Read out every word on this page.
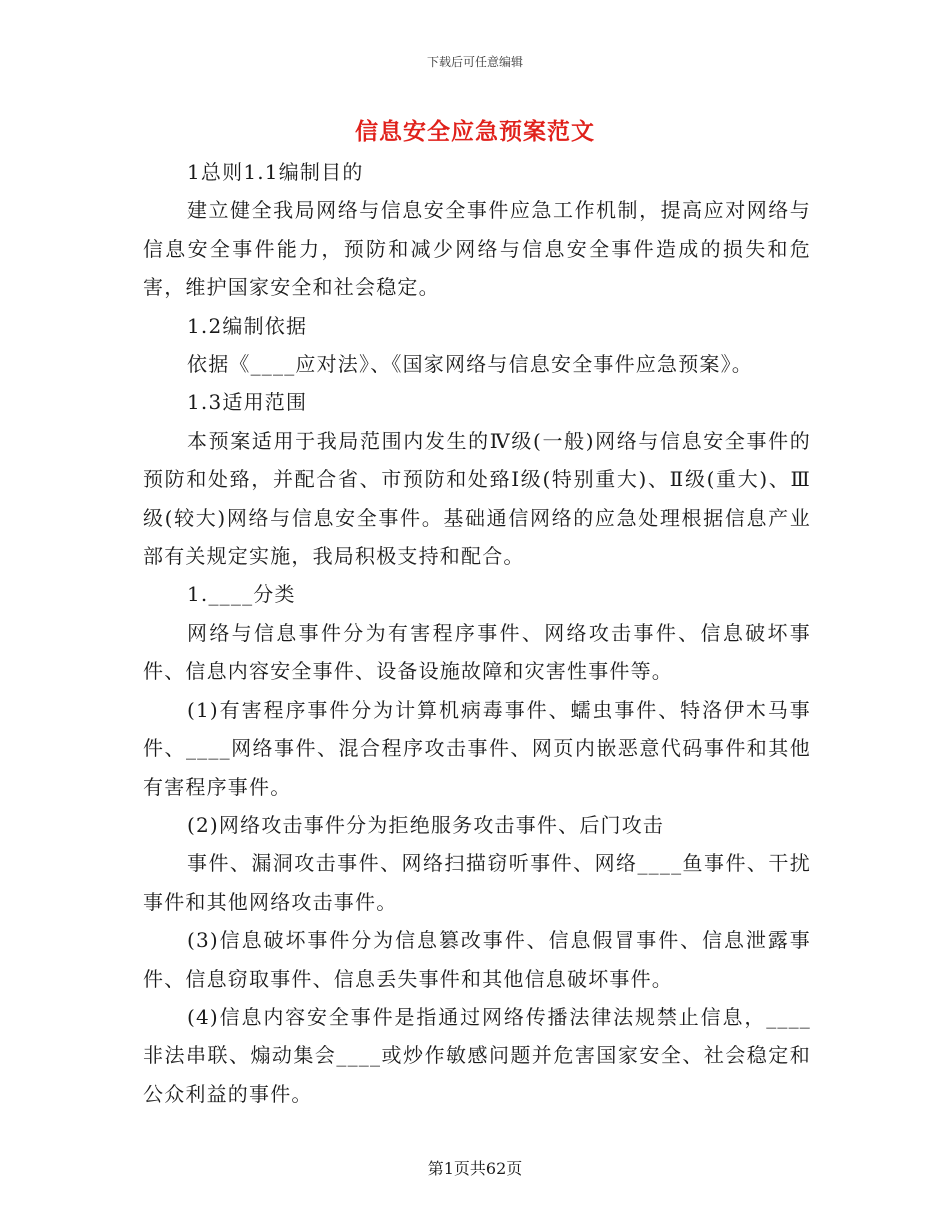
下载后可任意编辑
信息安全应急预案范文

1总则1.1编制目的

建立健全我局网络与信息安全事件应急工作机制，提高应对网络与信息安全事件能力，预防和减少网络与信息安全事件造成的损失和危害，维护国家安全和社会稳定。

1.2编制依据

依据《____应对法》、《国家网络与信息安全事件应急预案》。

1.3适用范围

本预案适用于我局范围内发生的Ⅳ级(一般)网络与信息安全事件的预防和处臵，并配合省、市预防和处臵Ⅰ级(特别重大)、Ⅱ级(重大)、Ⅲ级(较大)网络与信息安全事件。基础通信网络的应急处理根据信息产业部有关规定实施，我局积极支持和配合。

1.____分类

网络与信息事件分为有害程序事件、网络攻击事件、信息破坏事件、信息内容安全事件、设备设施故障和灾害性事件等。

(1)有害程序事件分为计算机病毒事件、蠕虫事件、特洛伊木马事件、____网络事件、混合程序攻击事件、网页内嵌恶意代码事件和其他有害程序事件。

(2)网络攻击事件分为拒绝服务攻击事件、后门攻击

事件、漏洞攻击事件、网络扫描窃听事件、网络____鱼事件、干扰事件和其他网络攻击事件。

(3)信息破坏事件分为信息篡改事件、信息假冒事件、信息泄露事件、信息窃取事件、信息丢失事件和其他信息破坏事件。

(4)信息内容安全事件是指通过网络传播法律法规禁止信息，____非法串联、煽动集会____或炒作敏感问题并危害国家安全、社会稳定和公众利益的事件。

第1页共62页
